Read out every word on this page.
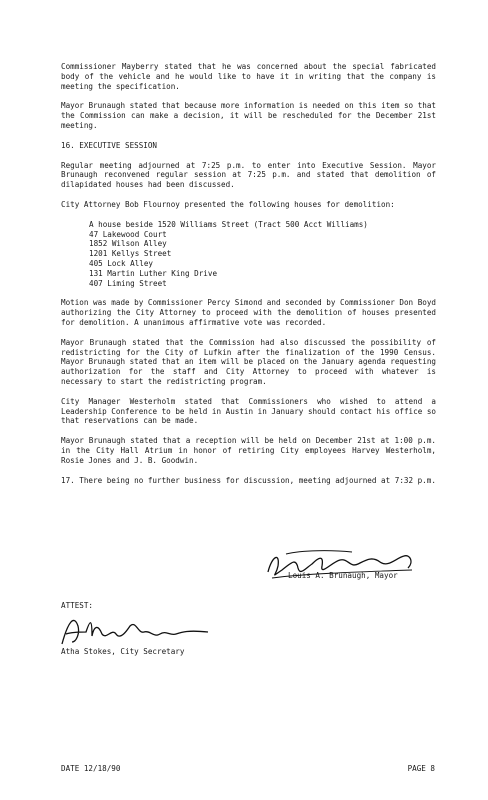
Commissioner Mayberry stated that he was concerned about the special fabricated body of the vehicle and he would like to have it in writing that the company is meeting the specification.

Mayor Brunaugh stated that because more information is needed on this item so that the Commission can make a decision, it will be rescheduled for the December 21st meeting.

16. EXECUTIVE SESSION

Regular meeting adjourned at 7:25 p.m. to enter into Executive Session. Mayor Brunaugh reconvened regular session at 7:25 p.m. and stated that demolition of dilapidated houses had been discussed.

City Attorney Bob Flournoy presented the following houses for demolition:

A house beside 1520 Williams Street (Tract 500 Acct Williams)
47 Lakewood Court
1852 Wilson Alley
1201 Kellys Street
405 Lock Alley
131 Martin Luther King Drive
407 Liming Street

Motion was made by Commissioner Percy Simond and seconded by Commissioner Don Boyd authorizing the City Attorney to proceed with the demolition of houses presented for demolition. A unanimous affirmative vote was recorded.

Mayor Brunaugh stated that the Commission had also discussed the possibility of redistricting for the City of Lufkin after the finalization of the 1990 Census. Mayor Brunaugh stated that an item will be placed on the January agenda requesting authorization for the staff and City Attorney to proceed with whatever is necessary to start the redistricting program.

City Manager Westerholm stated that Commissioners who wished to attend a Leadership Conference to be held in Austin in January should contact his office so that reservations can be made.

Mayor Brunaugh stated that a reception will be held on December 21st at 1:00 p.m. in the City Hall Atrium in honor of retiring City employees Harvey Westerholm, Rosie Jones and J. B. Goodwin.

17. There being no further business for discussion, meeting adjourned at 7:32 p.m.

Louis A. Brunaugh, Mayor
ATTEST:
Atha Stokes, City Secretary
DATE 12/18/90	PAGE 8
